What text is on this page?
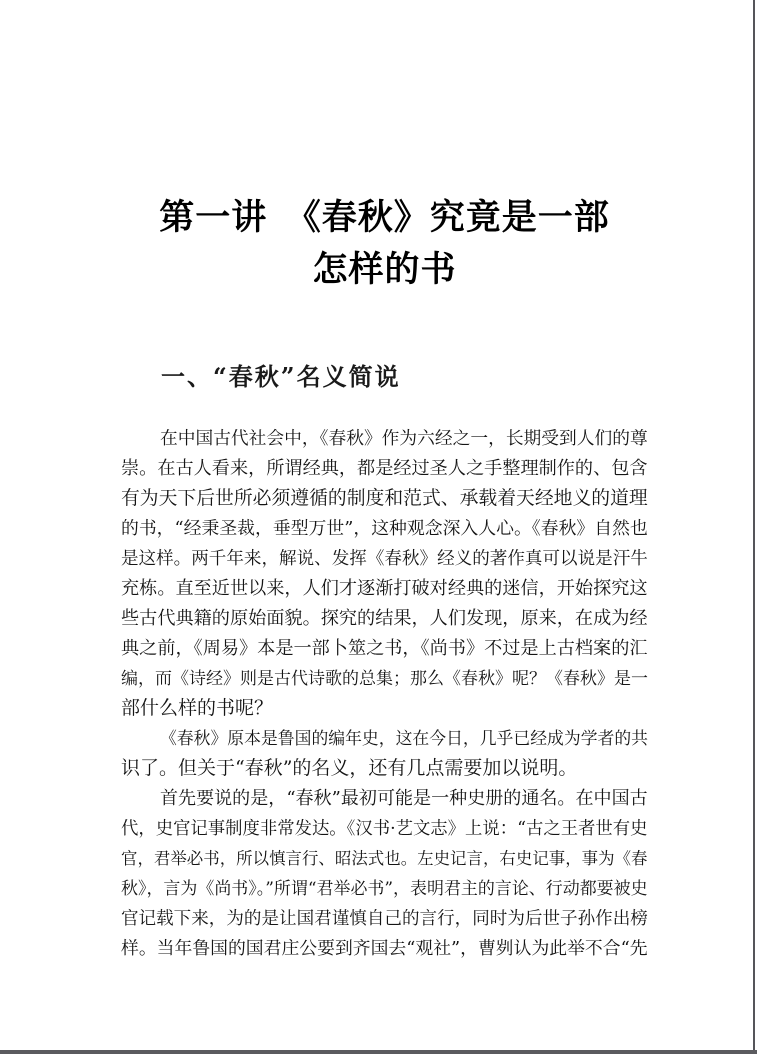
第一讲　《春秋》究竟是一部
怎样的书
一、“春秋”名义简说
在中国古代社会中，《春秋》作为六经之一，长期受到人们的尊
崇。在古人看来，所谓经典，都是经过圣人之手整理制作的、包含
有为天下后世所必须遵循的制度和范式、承载着天经地义的道理
的书，“经秉圣裁，垂型万世”，这种观念深入人心。《春秋》自然也
是这样。两千年来，解说、发挥《春秋》经义的著作真可以说是汗牛
充栋。直至近世以来，人们才逐渐打破对经典的迷信，开始探究这
些古代典籍的原始面貌。探究的结果，人们发现，原来，在成为经
典之前，《周易》本是一部卜筮之书，《尚书》不过是上古档案的汇
编，而《诗经》则是古代诗歌的总集；那么《春秋》呢？《春秋》是一
部什么样的书呢？
《春秋》原本是鲁国的编年史，这在今日，几乎已经成为学者的共
识了。但关于“春秋”的名义，还有几点需要加以说明。
首先要说的是，“春秋”最初可能是一种史册的通名。在中国古
代，史官记事制度非常发达。《汉书·艺文志》上说：“古之王者世有史
官，君举必书，所以慎言行、昭法式也。左史记言，右史记事，事为《春
秋》，言为《尚书》。”所谓“君举必书”，表明君主的言论、行动都要被史
官记载下来，为的是让国君谨慎自己的言行，同时为后世子孙作出榜
样。当年鲁国的国君庄公要到齐国去“观社”，曹刿认为此举不合“先
